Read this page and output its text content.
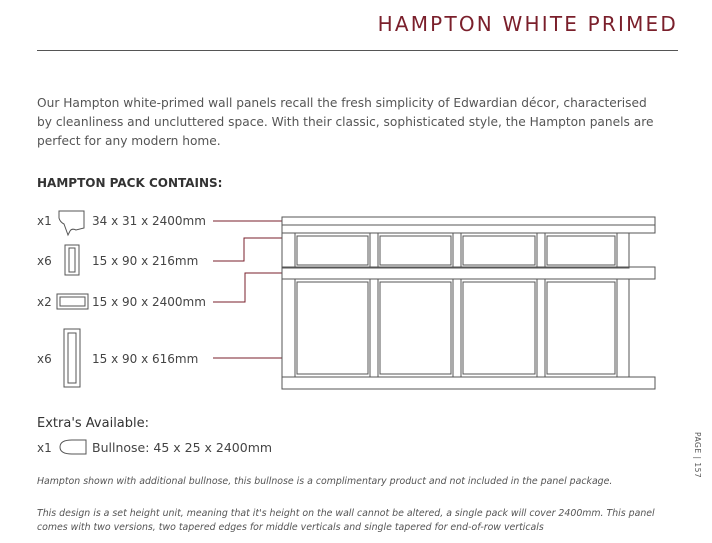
HAMPTON WHITE PRIMED

Our Hampton white-primed wall panels recall the fresh simplicity of Edwardian décor, characterised by cleanliness and uncluttered space. With their classic, sophisticated style, the Hampton panels are perfect for any modern home.

HAMPTON PACK CONTAINS:
x1	34 x 31 x 2400mm
x6	15 x 90 x 216mm
x2	15 x 90 x 2400mm
x6	15 x 90 x 616mm
Extra's Available:
x1	Bullnose: 45 x 25 x 2400mm
Hampton shown with additional bullnose, this bullnose is a complimentary product and not included in the panel package.
This design is a set height unit, meaning that it's height on the wall cannot be altered, a single pack will cover 2400mm. This panel comes with two versions, two tapered edges for middle verticals and single tapered for end-of-row verticals
PAGE | 157
